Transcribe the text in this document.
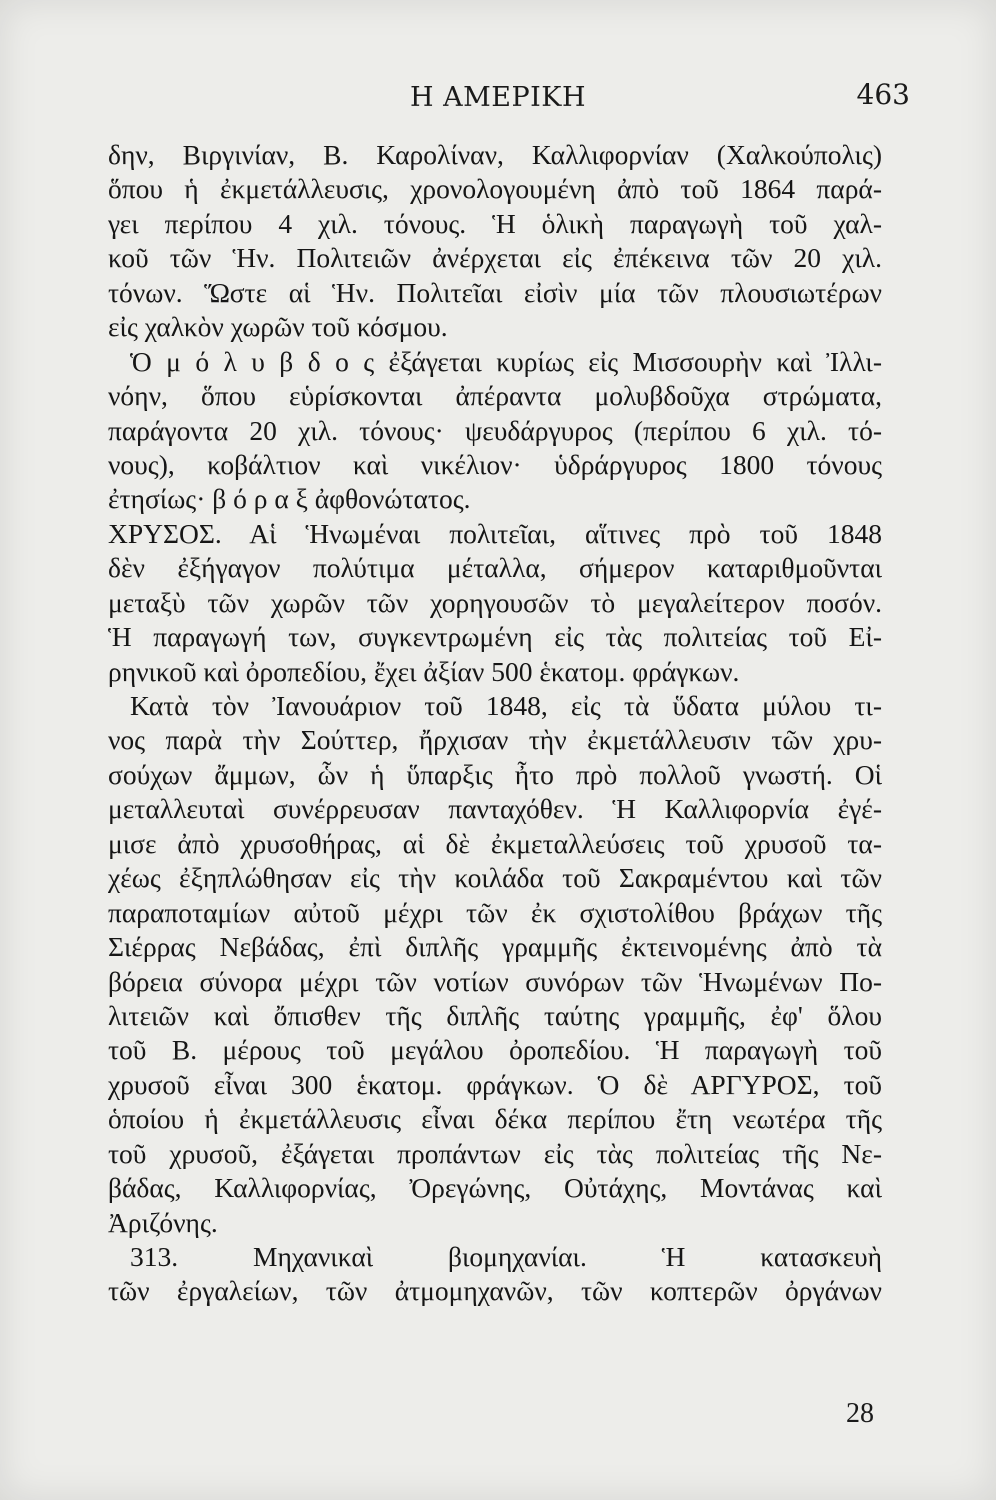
Η ΑΜΕΡΙΚΗ	463
δην, Βιργινίαν, Β. Καρολίναν, Καλλιφορνίαν (Χαλκούπολις)
ὅπου ἡ ἐκμετάλλευσις, χρονολογουμένη ἀπὸ τοῦ 1864 παρά-
γει περίπου 4 χιλ. τόνους. Ἡ ὁλικὴ παραγωγὴ τοῦ χαλ-
κοῦ τῶν Ἡν. Πολιτειῶν ἀνέρχεται εἰς ἐπέκεινα τῶν 20 χιλ.
τόνων. Ὥστε αἱ Ἡν. Πολιτεῖαι εἰσὶν μία τῶν πλουσιωτέρων
εἰς χαλκὸν χωρῶν τοῦ κόσμου.
Ὁ μ ό λ υ β δ ο ς ἐξάγεται κυρίως εἰς Μισσουρὴν καὶ Ἰλλι-
νόην, ὅπου εὑρίσκονται ἀπέραντα μολυβδοῦχα στρώματα,
παράγοντα 20 χιλ. τόνους· ψευδάργυρος (περίπου 6 χιλ. τό-
νους), κοβάλτιον καὶ νικέλιον· ὑδράργυρος 1800 τόνους
ἐτησίως· β ό ρ α ξ ἀφθονώτατος.
ΧΡΥΣΟΣ. Αἱ Ἡνωμέναι πολιτεῖαι, αἵτινες πρὸ τοῦ 1848
δὲν ἐξήγαγον πολύτιμα μέταλλα, σήμερον καταριθμοῦνται
μεταξὺ τῶν χωρῶν τῶν χορηγουσῶν τὸ μεγαλείτερον ποσόν.
Ἡ παραγωγή των, συγκεντρωμένη εἰς τὰς πολιτείας τοῦ Εἰ-
ρηνικοῦ καὶ ὀροπεδίου, ἔχει ἀξίαν 500 ἑκατομ. φράγκων.
Κατὰ τὸν Ἰανουάριον τοῦ 1848, εἰς τὰ ὕδατα μύλου τι-
νος παρὰ τὴν Σούττερ, ἤρχισαν τὴν ἐκμετάλλευσιν τῶν χρυ-
σούχων ἄμμων, ὧν ἡ ὕπαρξις ἦτο πρὸ πολλοῦ γνωστή. Οἱ
μεταλλευταὶ συνέρρευσαν πανταχόθεν. Ἡ Καλλιφορνία ἐγέ-
μισε ἀπὸ χρυσοθήρας, αἱ δὲ ἐκμεταλλεύσεις τοῦ χρυσοῦ τα-
χέως ἐξηπλώθησαν εἰς τὴν κοιλάδα τοῦ Σακραμέντου καὶ τῶν
παραποταμίων αὐτοῦ μέχρι τῶν ἐκ σχιστολίθου βράχων τῆς
Σιέρρας Νεβάδας, ἐπὶ διπλῆς γραμμῆς ἐκτεινομένης ἀπὸ τὰ
βόρεια σύνορα μέχρι τῶν νοτίων συνόρων τῶν Ἡνωμένων Πο-
λιτειῶν καὶ ὄπισθεν τῆς διπλῆς ταύτης γραμμῆς, ἐφ' ὅλου
τοῦ Β. μέρους τοῦ μεγάλου ὀροπεδίου. Ἡ παραγωγὴ τοῦ
χρυσοῦ εἶναι 300 ἑκατομ. φράγκων. Ὁ δὲ ΑΡΓΥΡΟΣ, τοῦ
ὁποίου ἡ ἐκμετάλλευσις εἶναι δέκα περίπου ἔτη νεωτέρα τῆς
τοῦ χρυσοῦ, ἐξάγεται προπάντων εἰς τὰς πολιτείας τῆς Νε-
βάδας, Καλλιφορνίας, Ὀρεγώνης, Οὐτάχης, Μοντάνας καὶ
Ἀριζόνης.
313. Μηχανικαὶ βιομηχανίαι. Ἡ κατασκευὴ
τῶν ἐργαλείων, τῶν ἀτμομηχανῶν, τῶν κοπτερῶν ὀργάνων
28
